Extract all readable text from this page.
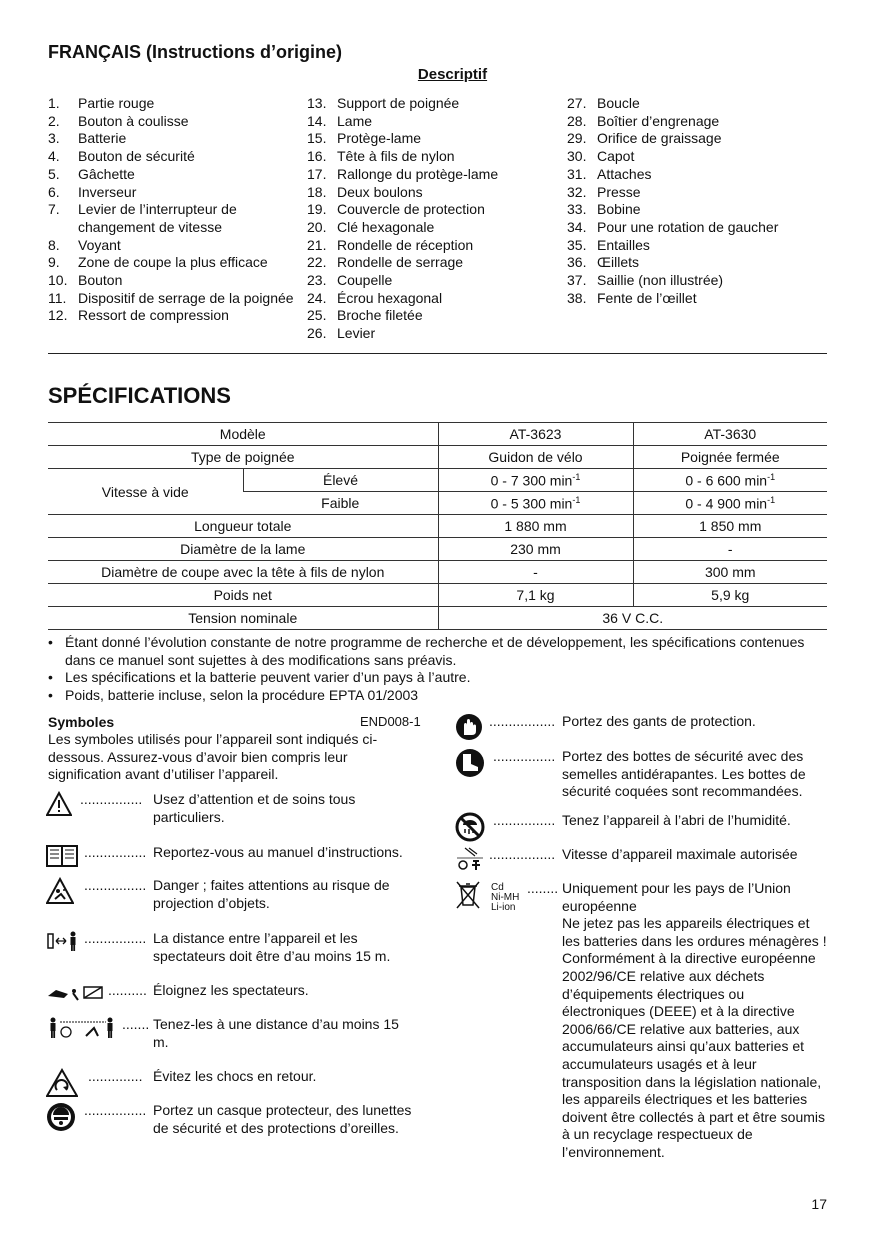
FRANÇAIS (Instructions d’origine)
Descriptif
1.	Partie rouge
2.	Bouton à coulisse
3.	Batterie
4.	Bouton de sécurité
5.	Gâchette
6.	Inverseur
7.	Levier de l’interrupteur de changement de vitesse
8.	Voyant
9.	Zone de coupe la plus efficace
10. Bouton
11. Dispositif de serrage de la poignée
12. Ressort de compression
13. Support de poignée
14. Lame
15. Protège-lame
16. Tête à fils de nylon
17. Rallonge du protège-lame
18. Deux boulons
19. Couvercle de protection
20. Clé hexagonale
21. Rondelle de réception
22. Rondelle de serrage
23. Coupelle
24. Écrou hexagonal
25. Broche filetée
26. Levier
27. Boucle
28. Boîtier d’engrenage
29. Orifice de graissage
30. Capot
31. Attaches
32. Presse
33. Bobine
34. Pour une rotation de gaucher
35. Entailles
36. Œillets
37. Saillie (non illustrée)
38. Fente de l’œillet
SPÉCIFICATIONS
Modèle		AT-3623	AT-3630
Type de poignée		Guidon de vélo	Poignée fermée
Vitesse à vide	Élevé	0 - 7 300 $\min^{-1}$	0 - 6 600 $\min^{-1}$
	Faible	0 - 5 300 $\min^{-1}$	0 - 4 900 $\min^{-1}$
Longueur totale		1 880 mm	1 850 mm
Diamètre de la lame		230 mm	-
Diamètre de coupe avec la tête à fils de nylon		-	300 mm
Poids net		7,1 kg	5,9 kg
Tension nominale		36 V C.C.	
• Étant donné l’évolution constante de notre programme de recherche et de développement, les spécifications contenues dans ce manuel sont sujettes à des modifications sans préavis.
• Les spécifications et la batterie peuvent varier d’un pays à l’autre.
• Poids, batterie incluse, selon la procédure EPTA 01/2003
Symboles	END008-1
Les symboles utilisés pour l’appareil sont indiqués ci-dessous. Assurez-vous d’avoir bien compris leur signification avant d’utiliser l’appareil.
................ Usez d’attention et de soins tous particuliers.
................ Reportez-vous au manuel d’instructions.
................ Danger ; faites attentions au risque de projection d’objets.
................ La distance entre l’appareil et les spectateurs doit être d’au moins 15 m.
.......... Éloignez les spectateurs.
....... Tenez-les à une distance d’au moins 15 m.
.............. Évitez les chocs en retour.
................ Portez un casque protecteur, des lunettes de sécurité et des protections d’oreilles.
................. Portez des gants de protection.
................ Portez des bottes de sécurité avec des semelles antidérapantes. Les bottes de sécurité coquées sont recommandées.
................ Tenez l’appareil à l’abri de l’humidité.
................. Vitesse d’appareil maximale autorisée
Cd
Ni-MH
Li-ion
........ Uniquement pour les pays de l’Union européenne
Ne jetez pas les appareils électriques et les batteries dans les ordures ménagères !
Conformément à la directive européenne 2002/96/CE relative aux déchets d’équipements électriques ou électroniques (DEEE) et à la directive 2006/66/CE relative aux batteries, aux accumulateurs ainsi qu’aux batteries et accumulateurs usagés et à leur transposition dans la législation nationale, les appareils électriques et les batteries doivent être collectés à part et être soumis à un recyclage respectueux de l’environnement.
17
